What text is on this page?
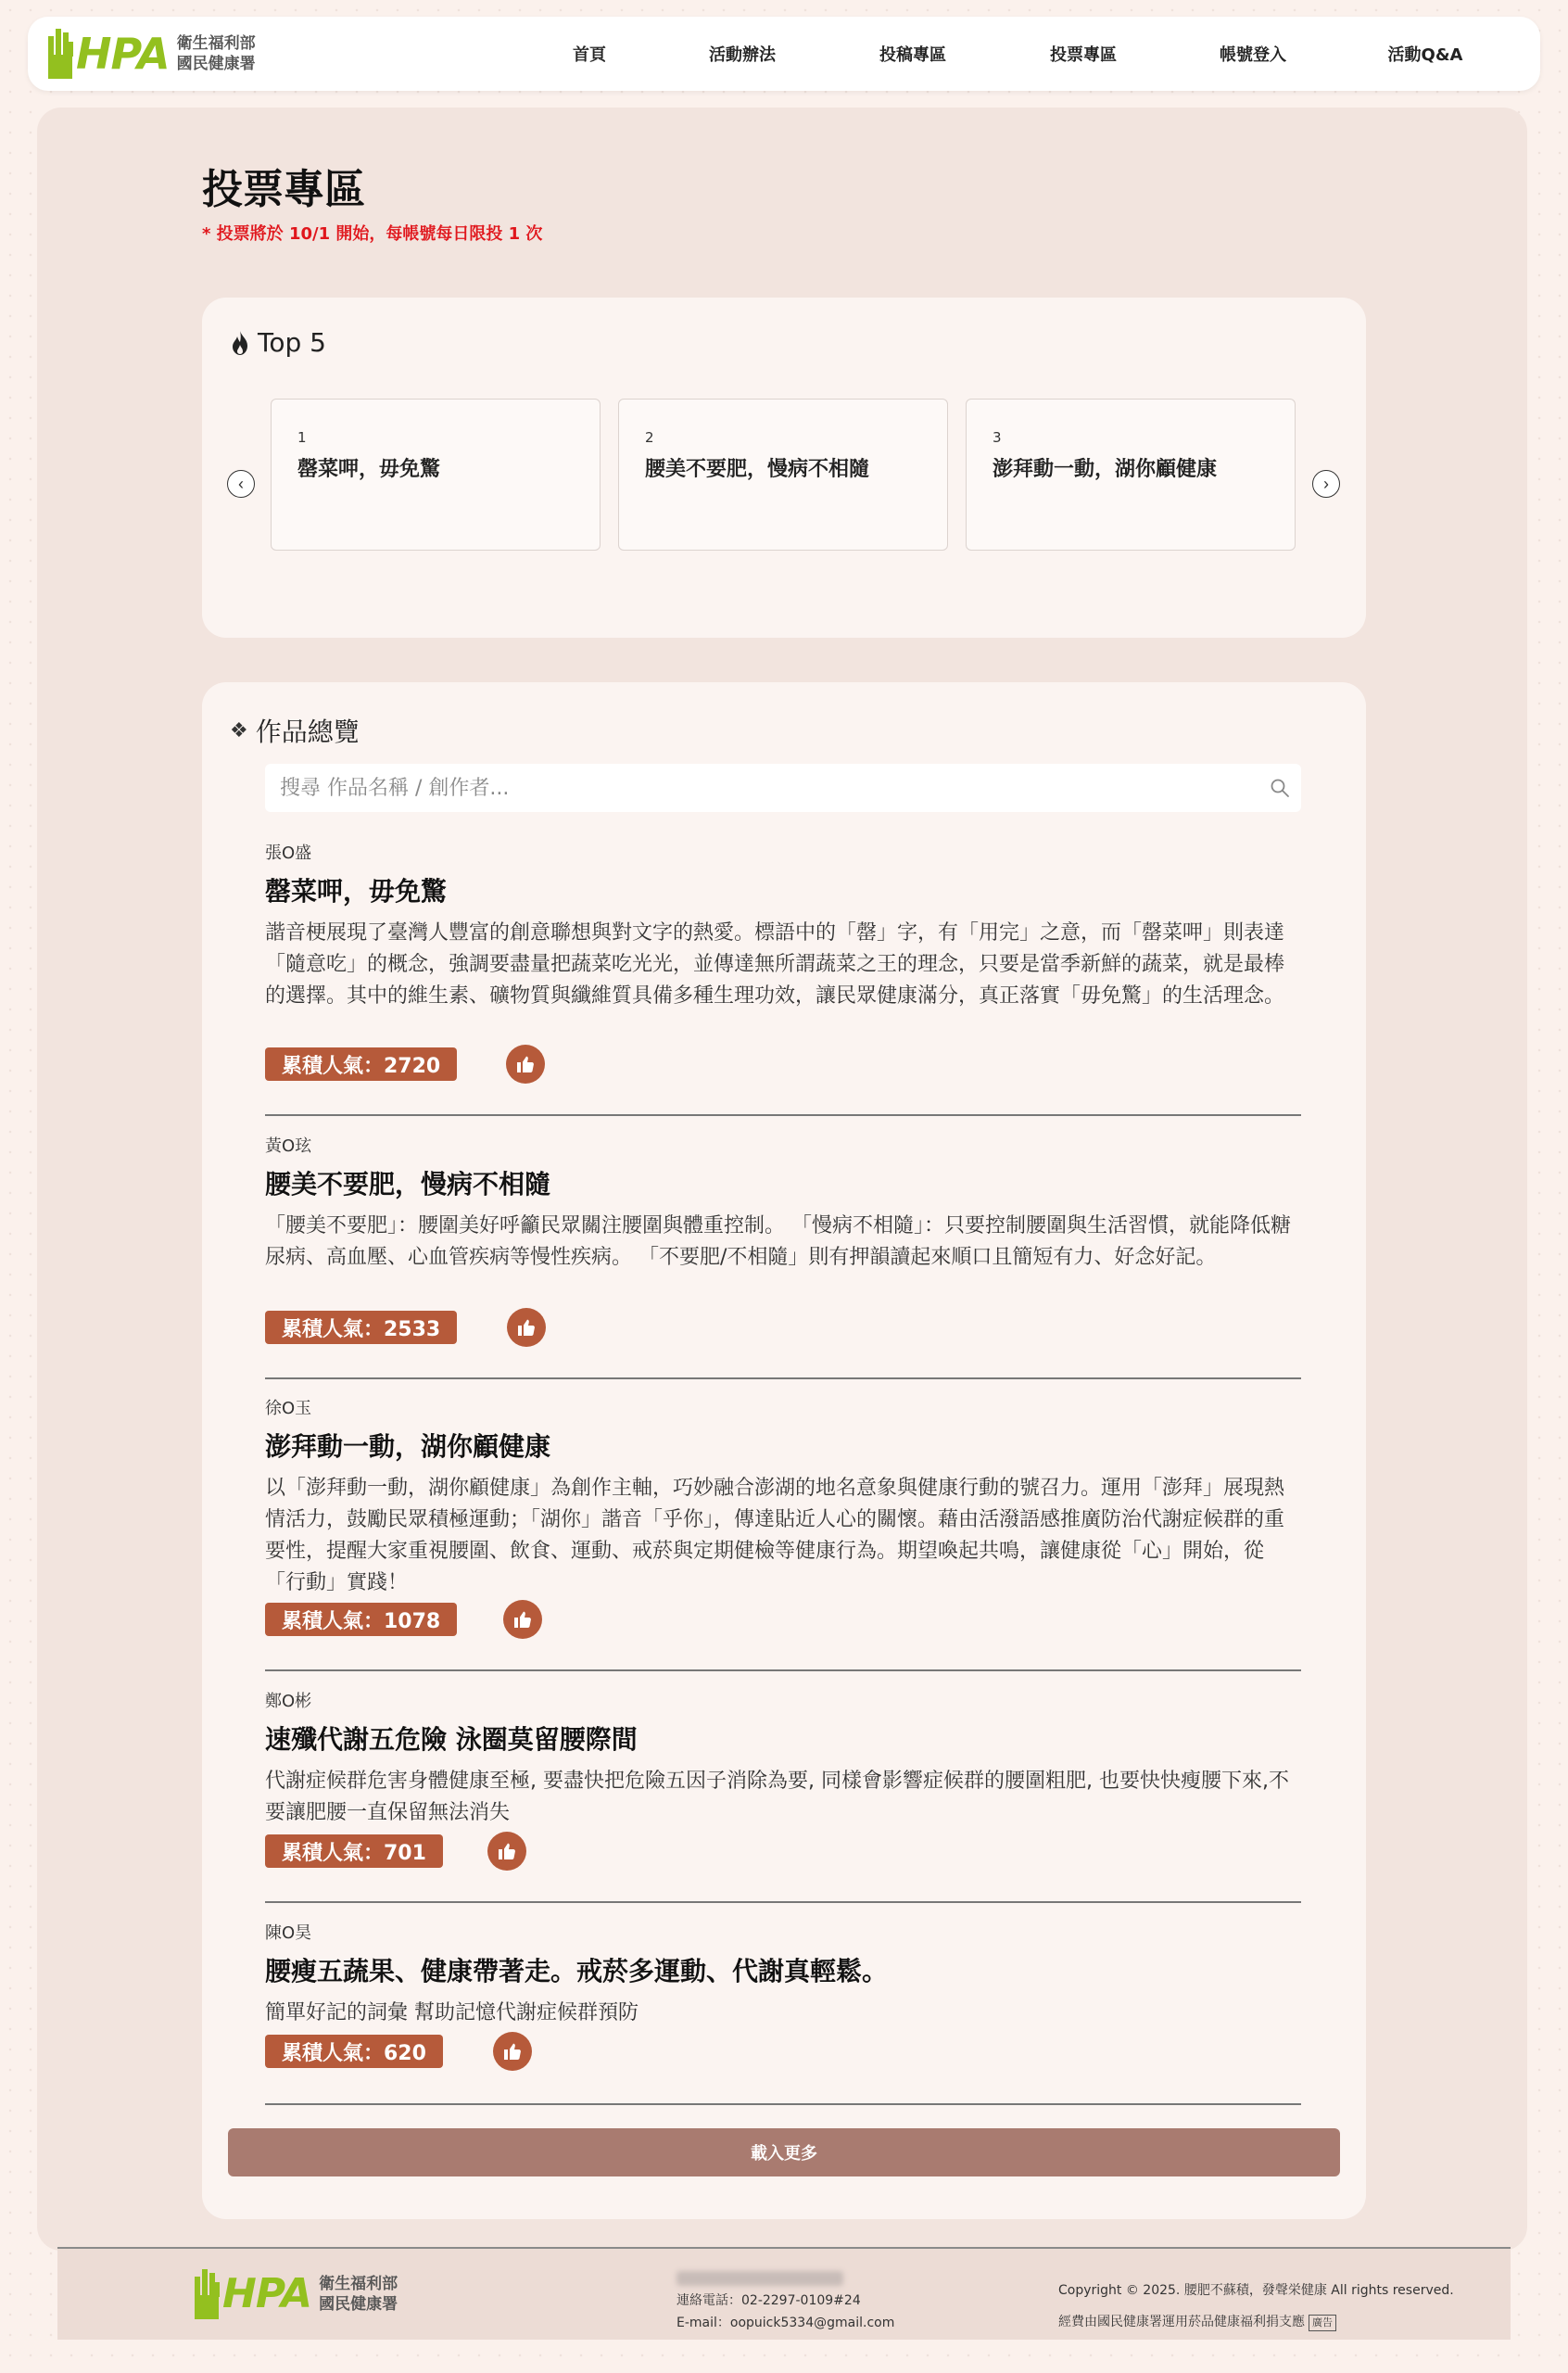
HPA 衛生福利部
國民健康署	首頁	活動辦法	投稿專區	投票專區	帳號登入	活動Q&A
投票專區
* 投票將於 10/1 開始，每帳號每日限投 1 次
Top 5
‹
1
罄菜呷，毋免驚
2
腰美不要肥，慢病不相隨
3
澎拜動一動，湖你顧健康
›
❖ 作品總覽
搜尋 作品名稱 / 創作者...
張O盛
罄菜呷，毋免驚
諧音梗展現了臺灣人豐富的創意聯想與對文字的熱愛。標語中的「罄」字，有「用完」之意，而「罄菜呷」則表達「隨意吃」的概念，強調要盡量把蔬菜吃光光，並傳達無所謂蔬菜之王的理念，只要是當季新鮮的蔬菜，就是最棒的選擇。其中的維生素、礦物質與纖維質具備多種生理功效，讓民眾健康滿分，真正落實「毋免驚」的生活理念。
累積人氣：2720
黃O玹
腰美不要肥，慢病不相隨
「腰美不要肥」：腰圍美好呼籲民眾關注腰圍與體重控制。 「慢病不相隨」：只要控制腰圍與生活習慣，就能降低糖尿病、高血壓、心血管疾病等慢性疾病。 「不要肥/不相隨」則有押韻讀起來順口且簡短有力、好念好記。
累積人氣：2533
徐O玉
澎拜動一動，湖你顧健康
以「澎拜動一動，湖你顧健康」為創作主軸，巧妙融合澎湖的地名意象與健康行動的號召力。運用「澎拜」展現熱情活力，鼓勵民眾積極運動；「湖你」諧音「乎你」，傳達貼近人心的關懷。藉由活潑語感推廣防治代謝症候群的重要性，提醒大家重視腰圍、飲食、運動、戒菸與定期健檢等健康行為。期望喚起共鳴，讓健康從「心」開始，從「行動」實踐！
累積人氣：1078
鄭O彬
速殲代謝五危險 泳圈莫留腰際間
代謝症候群危害身體健康至極, 要盡快把危險五因子消除為要, 同樣會影響症候群的腰圍粗肥, 也要快快瘦腰下來,不要讓肥腰一直保留無法消失
累積人氣：701
陳O昊
腰瘦五蔬果、健康帶著走。戒菸多運動、代謝真輕鬆。
簡單好記的詞彙 幫助記憶代謝症候群預防
累積人氣：620
載入更多
HPA 衛生福利部
國民健康署	連絡電話：02-2297-0109#24
E-mail：oopuick5334@gmail.com
Copyright © 2025. 腰肥不蘇積，發聲栄健康 All rights reserved.
經費由國民健康署運用菸品健康福利捐支應 廣告
